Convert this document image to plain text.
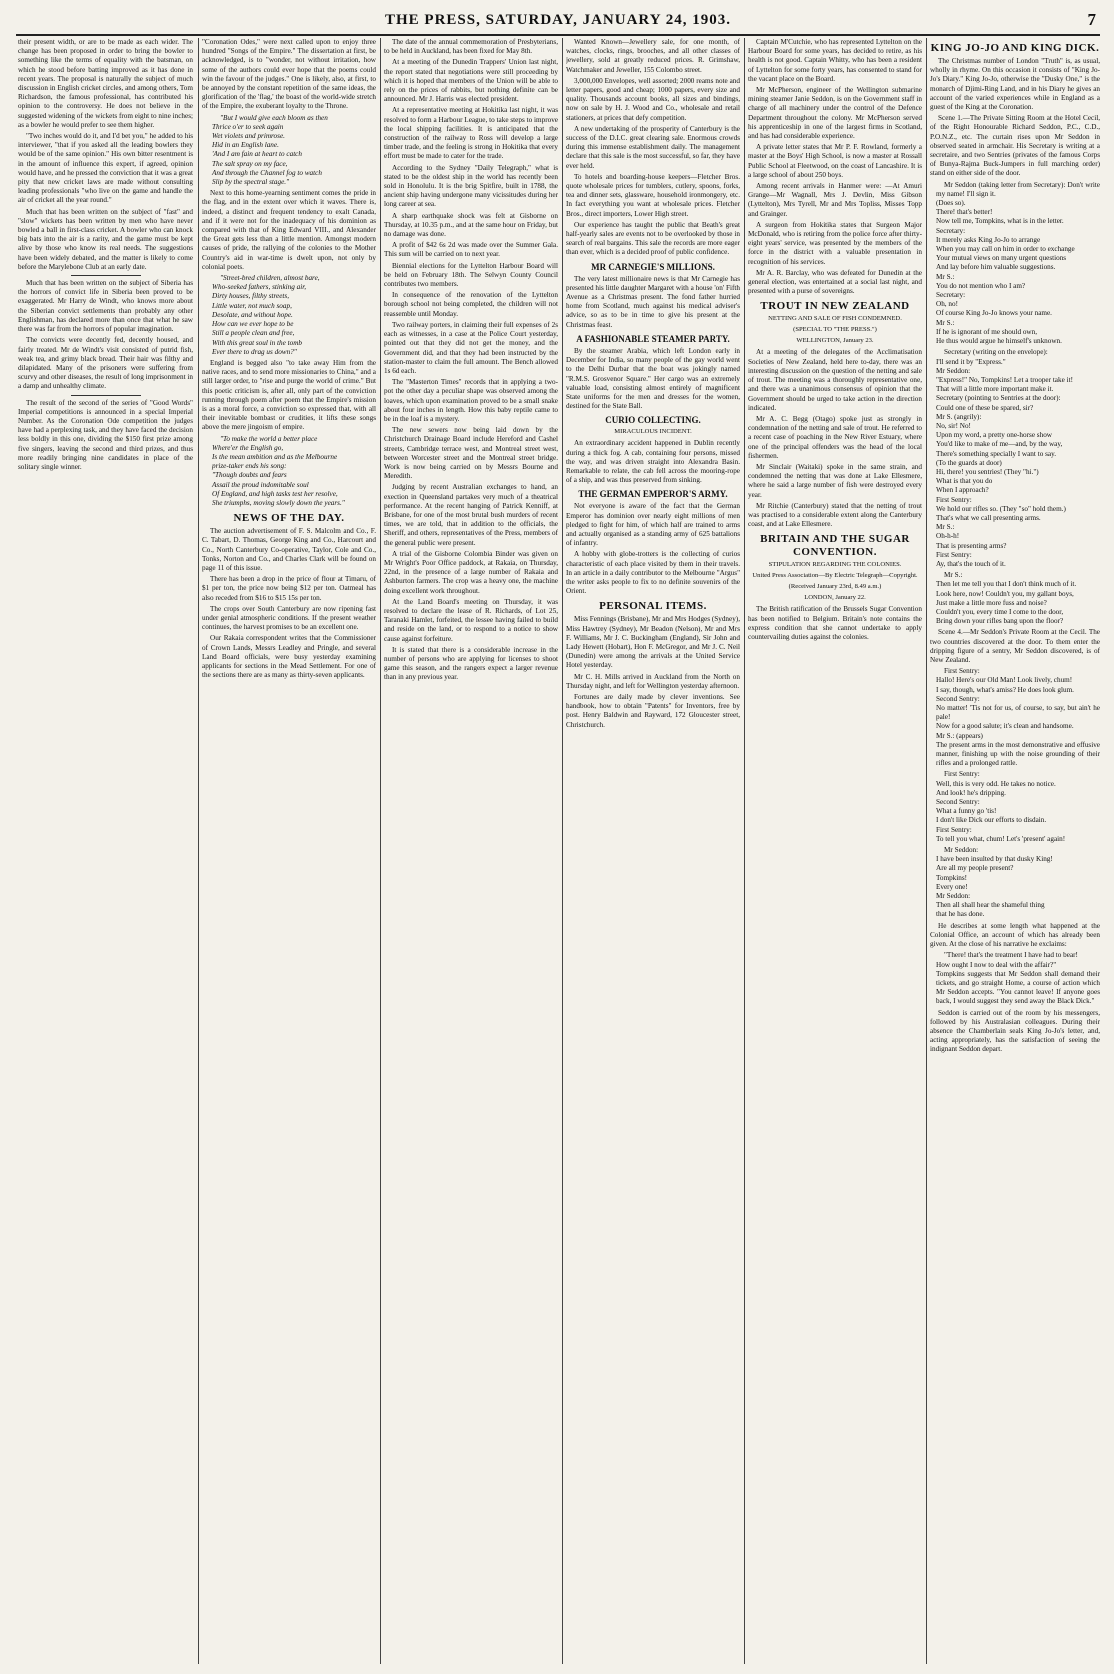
THE PRESS, SATURDAY, JANUARY 24, 1903.	7

their present width, or are to be made as each wider. The change has been proposed in order to bring the bowler to something like the terms of equality with the batsman, on which he stood before batting improved as it has done in recent years. The proposal is naturally the subject of much discussion in English cricket circles, and among others, Tom Richardson, the famous professional, has contributed his opinion to the controversy. He does not believe in the suggested widening of the wickets from eight to nine inches; as a bowler he would prefer to see them higher.

"Two inches would do it, and I'd bet you," he added to his interviewer, "that if you asked all the leading bowlers they would be of the same opinion." His own bitter resentment is in the amount of influence this expert, if agreed, opinion would have, and he pressed the conviction that it was a great pity that new cricket laws are made without consulting leading professionals "who live on the game and handle the air of cricket all the year round."

Much that has been written on the subject of "fast" and "slow" wickets has been written by men who have never bowled a ball in first-class cricket. A bowler who can knock big bats into the air is a rarity, and the game must be kept alive by those who know its real needs. The suggestions have been widely debated, and the matter is likely to come before the Marylebone Club at an early date.

Much that has been written on the subject of Siberia has the horrors of convict life in Siberia been proved to be exaggerated. Mr Harry de Windt, who knows more about the Siberian convict settlements than probably any other Englishman, has declared more than once that what he saw there was far from the horrors of popular imagination.

The convicts were decently fed, decently housed, and fairly treated. Mr de Windt's visit consisted of putrid fish, weak tea, and grimy black bread. Their hair was filthy and dilapidated. Many of the prisoners were suffering from scurvy and other diseases, the result of long imprisonment in a damp and unhealthy climate.

The result of the second of the series of "Good Words" Imperial competitions is announced in a special Imperial Number. As the Coronation Ode competition the judges have had a perplexing task, and they have faced the decision less boldly in this one, dividing the $150 first prize among five singers, leaving the second and third prizes, and thus more readily bringing nine candidates in place of the solitary single winner.

"Coronation Odes," were next called upon to enjoy three hundred "Songs of the Empire." The dissertation at first, be acknowledged, is to "wonder, not without irritation, how some of the authors could ever hope that the poems could win the favour of the judges." One is likely, also, at first, to be annoyed by the constant repetition of the same ideas, the glorification of the 'flag,' the boast of the world-wide stretch of the Empire, the exuberant loyalty to the Throne.

"But I would give each bloom as then
Thrice o'er to seek again
Wet violets and primrose.
Hid in an English lane.
'And I am fain at heart to catch
The salt spray on my face,
And through the Channel fog to watch
Slip by the spectral stage."

Next to this home-yearning sentiment comes the pride in the flag, and in the extent over which it waves. There is, indeed, a distinct and frequent tendency to exalt Canada, and if it were not for the inadequacy of his dominion as compared with that of King Edward VIII., and Alexander the Great gets less than a little mention. Amongst modern causes of pride, the rallying of the colonies to the Mother Country's aid in war-time is dwelt upon, not only by colonial poets.

"Street-bred children, almost bare,
Who-seeked fathers, stinking air,
Dirty houses, filthy streets,
Little water, not much soap,
Desolate, and without hope.
How can we ever hope to be
Still a people clean and free,
With this great soul in the tomb
Ever there to drag us down?"

England is begged also "to take away Him from the native races, and to send more missionaries to China," and a still larger order, to "rise and purge the world of crime." But this poetic criticism is, after all, only part of the conviction running through poem after poem that the Empire's mission is as a moral force, a conviction so expressed that, with all their inevitable bombast or crudities, it lifts these songs above the mere jingoism of empire.

"To make the world a better place
Where'er the English go,
Is the mean ambition and as the Melbourne
prize-taker ends his song:
"Though doubts and fears
Assail the proud indomitable soul
Of England, and high tasks test her resolve,
She triumphs, moving slowly down the years."

NEWS OF THE DAY.

The auction advertisement of F. S. Malcolm and Co., F. C. Tabart, D. Thomas, George King and Co., Harcourt and Co., North Canterbury Co-operative, Taylor, Cole and Co., Tonks, Norton and Co., and Charles Clark will be found on page 11 of this issue.

There has been a drop in the price of flour at Timaru, of $1 per ton, the price now being $12 per ton. Oatmeal has also receded from $16 to $15 15s per ton.

The crops over South Canterbury are now ripening fast under genial atmospheric conditions. If the present weather continues, the harvest promises to be an excellent one.

Our Rakaia correspondent writes that the Commissioner of Crown Lands, Messrs Leadley and Pringle, and several Land Board officials, were busy yesterday examining applicants for sections in the Mead Settlement. For one of the sections there are as many as thirty-seven applicants.

The date of the annual commemoration of Presbyterians, to be held in Auckland, has been fixed for May 8th.

At a meeting of the Dunedin Trappers' Union last night, the report stated that negotiations were still proceeding by which it is hoped that members of the Union will be able to rely on the prices of rabbits, but nothing definite can be announced. Mr J. Harris was elected president.

At a representative meeting at Hokitika last night, it was resolved to form a Harbour League, to take steps to improve the local shipping facilities. It is anticipated that the construction of the railway to Ross will develop a large timber trade, and the feeling is strong in Hokitika that every effort must be made to cater for the trade.

According to the Sydney "Daily Telegraph," what is stated to be the oldest ship in the world has recently been sold in Honolulu. It is the brig Spitfire, built in 1788, the ancient ship having undergone many vicissitudes during her long career at sea.

A sharp earthquake shock was felt at Gisborne on Thursday, at 10.35 p.m., and at the same hour on Friday, but no damage was done.

A profit of $42 6s 2d was made over the Summer Gala. This sum will be carried on to next year.

Biennial elections for the Lyttelton Harbour Board will be held on February 18th. The Selwyn County Council contributes two members.

In consequence of the renovation of the Lyttelton borough school not being completed, the children will not reassemble until Monday.

Two railway porters, in claiming their full expenses of 2s each as witnesses, in a case at the Police Court yesterday, pointed out that they did not get the money, and the Government did, and that they had been instructed by the station-master to claim the full amount. The Bench allowed 1s 6d each.

The "Masterton Times" records that in applying a two-pot the other day a peculiar shape was observed among the loaves, which upon examination proved to be a small snake about four inches in length. How this baby reptile came to be in the loaf is a mystery.

The new sewers now being laid down by the Christchurch Drainage Board include Hereford and Cashel streets, Cambridge terrace west, and Montreal street west, between Worcester street and the Montreal street bridge. Work is now being carried on by Messrs Bourne and Meredith.

Judging by recent Australian exchanges to hand, an exection in Queensland partakes very much of a theatrical performance. At the recent hanging of Patrick Kenniff, at Brisbane, for one of the most brutal bush murders of recent times, we are told, that in addition to the officials, the Sheriff, and others, representatives of the Press, members of the general public were present.

A trial of the Gisborne Colombia Binder was given on Mr Wright's Poor Office paddock, at Rakaia, on Thursday, 22nd, in the presence of a large number of Rakaia and Ashburton farmers. The crop was a heavy one, the machine doing excellent work throughout.

At the Land Board's meeting on Thursday, it was resolved to declare the lease of R. Richards, of Lot 25, Taranaki Hamlet, forfeited, the lessee having failed to build and reside on the land, or to respond to a notice to show cause against forfeiture.

It is stated that there is a considerable increase in the number of persons who are applying for licenses to shoot game this season, and the rangers expect a larger revenue than in any previous year.

Wanted Known—Jewellery sale, for one month, of watches, clocks, rings, brooches, and all other classes of jewellery, sold at greatly reduced prices. R. Grimshaw, Watchmaker and Jeweller, 155 Colombo street.

3,000,000 Envelopes, well assorted; 2000 reams note and letter papers, good and cheap; 1000 papers, every size and quality. Thousands account books, all sizes and bindings, now on sale by H. J. Wood and Co., wholesale and retail stationers, at prices that defy competition.

A new undertaking of the prosperity of Canterbury is the success of the D.I.C. great clearing sale. Enormous crowds during this immense establishment daily. The management declare that this sale is the most successful, so far, they have ever held.

To hotels and boarding-house keepers—Fletcher Bros. quote wholesale prices for tumblers, cutlery, spoons, forks, tea and dinner sets, glassware, household ironmongery, etc. In fact everything you want at wholesale prices. Fletcher Bros., direct importers, Lower High street.

Our experience has taught the public that Beath's great half-yearly sales are events not to be overlooked by those in search of real bargains. This sale the records are more eager than ever, which is a decided proof of public confidence.

MR CARNEGIE'S MILLIONS.

The very latest millionaire news is that Mr Carnegie has presented his little daughter Margaret with a house 'on' Fifth Avenue as a Christmas present. The fond father hurried home from Scotland, much against his medical adviser's advice, so as to be in time to give his present at the Christmas feast.

A FASHIONABLE STEAMER PARTY.

By the steamer Arabia, which left London early in December for India, so many people of the gay world went to the Delhi Durbar that the boat was jokingly named "R.M.S. Grosvenor Square." Her cargo was an extremely valuable load, consisting almost entirely of magnificent State uniforms for the men and dresses for the women, destined for the State Ball.

CURIO COLLECTING.
MIRACULOUS INCIDENT.

An extraordinary accident happened in Dublin recently during a thick fog. A cab, containing four persons, missed the way, and was driven straight into Alexandra Basin. Remarkable to relate, the cab fell across the mooring-rope of a ship, and was thus preserved from sinking.

THE GERMAN EMPEROR'S ARMY.

Not everyone is aware of the fact that the German Emperor has dominion over nearly eight millions of men pledged to fight for him, of which half are trained to arms and actually organised as a standing army of 625 battalions of infantry.

A hobby with globe-trotters is the collecting of curios characteristic of each place visited by them in their travels. In an article in a daily contributor to the Melbourne "Argus" the writer asks people to fix to no definite souvenirs of the Orient.

PERSONAL ITEMS.

Miss Fennings (Brisbane), Mr and Mrs Hodges (Sydney), Miss Hawtrey (Sydney), Mr Beadon (Nelson), Mr and Mrs F. Williams, Mr J. C. Buckingham (England), Sir John and Lady Hewett (Hobart), Hon F. McGregor, and Mr J. C. Neil (Dunedin) were among the arrivals at the United Service Hotel yesterday.

Mr C. H. Mills arrived in Auckland from the North on Thursday night, and left for Wellington yesterday afternoon.

Fortunes are daily made by clever inventions. See handbook, how to obtain "Patents" for Inventors, free by post. Henry Baldwin and Rayward, 172 Gloucester street, Christchurch.

Captain M'Cutchie, who has represented Lyttelton on the Harbour Board for some years, has decided to retire, as his health is not good. Captain Whitty, who has been a resident of Lyttelton for some forty years, has consented to stand for the vacant place on the Board.

Mr McPherson, engineer of the Wellington submarine mining steamer Janie Seddon, is on the Government staff in charge of all machinery under the control of the Defence Department throughout the colony. Mr McPherson served his apprenticeship in one of the largest firms in Scotland, and has had considerable experience.

A private letter states that Mr P. F. Rowland, formerly a master at the Boys' High School, is now a master at Rossall Public School at Fleetwood, on the coast of Lancashire. It is a large school of about 250 boys.

Among recent arrivals in Hanmer were: —At Amuri Grange—Mr Wagnall, Mrs J. Devlin, Miss Gibson (Lyttelton), Mrs Tyrell, Mr and Mrs Topliss, Misses Topp and Grainger.

A surgeon from Hokitika states that Surgeon Major McDonald, who is retiring from the police force after thirty-eight years' service, was presented by the members of the force in the district with a valuable presentation in recognition of his services.

Mr A. R. Barclay, who was defeated for Dunedin at the general election, was entertained at a social last night, and presented with a purse of sovereigns.

TROUT IN NEW ZEALAND
NETTING AND SALE OF FISH CONDEMNED.
(SPECIAL TO "THE PRESS.")
WELLINGTON, January 23.

At a meeting of the delegates of the Acclimatisation Societies of New Zealand, held here to-day, there was an interesting discussion on the question of the netting and sale of trout. The meeting was a thoroughly representative one, and there was a unanimous consensus of opinion that the Government should be urged to take action in the direction indicated.

Mr A. C. Begg (Otago) spoke just as strongly in condemnation of the netting and sale of trout. He referred to a recent case of poaching in the New River Estuary, where one of the principal offenders was the head of the local fishermen.

Mr Sinclair (Waitaki) spoke in the same strain, and condemned the netting that was done at Lake Ellesmere, where he said a large number of fish were destroyed every year.

Mr Ritchie (Canterbury) stated that the netting of trout was practised to a considerable extent along the Canterbury coast, and at Lake Ellesmere.

BRITAIN AND THE SUGAR CONVENTION.
STIPULATION REGARDING THE COLONIES.
United Press Association—By Electric Telegraph—Copyright.
(Received January 23rd, 8.49 a.m.)
LONDON, January 22.

The British ratification of the Brussels Sugar Convention has been notified to Belgium. Britain's note contains the express condition that she cannot undertake to apply countervailing duties against the colonies.

KING JO-JO AND KING DICK.

The Christmas number of London "Truth" is, as usual, wholly in rhyme. On this occasion it consists of "King Jo-Jo's Diary." King Jo-Jo, otherwise the "Dusky One," is the monarch of Djimi-Ring Land, and in his Diary he gives an account of the varied experiences while in England as a guest of the King at the Coronation.

Scene 1.—The Private Sitting Room at the Hotel Cecil, of the Right Honourable Richard Seddon, P.C., C.D., P.O.N.Z., etc. The curtain rises upon Mr Seddon in observed seated in armchair. His Secretary is writing at a secretaire, and two Sentries (privates of the famous Corps of Bunya-Rajma Buck-Jumpers in full marching order) stand on either side of the door.

Mr Seddon (taking letter from Secretary): Don't write my name! I'll sign it.
(Does so).
There! that's better!
Now tell me, Tompkins, what is in the letter.
Secretary:
It merely asks King Jo-Jo to arrange
When you may call on him in order to exchange
Your mutual views on many urgent questions
And lay before him valuable suggestions.
Mr S.:
You do not mention who I am?
Secretary:
Oh, no!
Of course King Jo-Jo knows your name.
Mr S.:
If he is ignorant of me should own,
He thus would argue he himself's unknown.

Secretary (writing on the envelope):
I'll send it by "Express."
Mr Seddon:
"Express!" No, Tompkins! Let a trooper take it!
That will a little more important make it.
Secretary (pointing to Sentries at the door):
Could one of these be spared, sir?
Mr S. (angrily):
No, sir! No!
Upon my word, a pretty one-horse show
You'd like to make of me—and, by the way,
There's something specially I want to say.
(To the guards at door)
Hi, there! you sentries! (They "hi.")
What is that you do
When I approach?
First Sentry:
We hold our rifles so. (They "so" hold them.)
That's what we call presenting arms.
Mr S.:
Oh-h-h!
That is presenting arms?
First Sentry:
Ay, that's the touch of it.

Mr S.:
Then let me tell you that I don't think much of it.
Look here, now! Couldn't you, my gallant boys,
Just make a little more fuss and noise?
Couldn't you, every time I come to the door,
Bring down your rifles bang upon the floor?

Scene 4.—Mr Seddon's Private Room at the Cecil. The two countries discovered at the door. To them enter the dripping figure of a sentry, Mr Seddon discovered, is of New Zealand.

First Sentry:
Hallo! Here's our Old Man! Look lively, chum!
I say, though, what's amiss? He does look glum.
Second Sentry:
No matter! 'Tis not for us, of course, to say, but ain't he pale!
Now for a good salute; it's clean and handsome.
Mr S.: (appears)
The present arms in the most demonstrative and effusive manner, finishing up with the noise grounding of their rifles and a prolonged rattle.

First Sentry:
Well, this is very odd. He takes no notice.
And look! he's dripping.
Second Sentry:
What a funny go 'tis!
I don't like Dick our efforts to disdain.
First Sentry:
To tell you what, chum! Let's 'present' again!

Mr Seddon:
I have been insulted by that dusky King!
Are all my people present?
Tompkins!
Every one!
Mr Seddon:
Then all shall hear the shameful thing
that he has done.

He describes at some length what happened at the Colonial Office, an account of which has already been given. At the close of his narrative he exclaims:

"There! that's the treatment I have had to bear!
How ought I now to deal with the affair?"
Tompkins suggests that Mr Seddon shall demand their tickets, and go straight Home, a course of action which Mr Seddon accepts. "You cannot leave! If anyone goes back, I would suggest they send away the Black Dick."

Seddon is carried out of the room by his messengers, followed by his Australasian colleagues. During their absence the Chamberlain seals King Jo-Jo's letter, and, acting appropriately, has the satisfaction of seeing the indignant Seddon depart.
